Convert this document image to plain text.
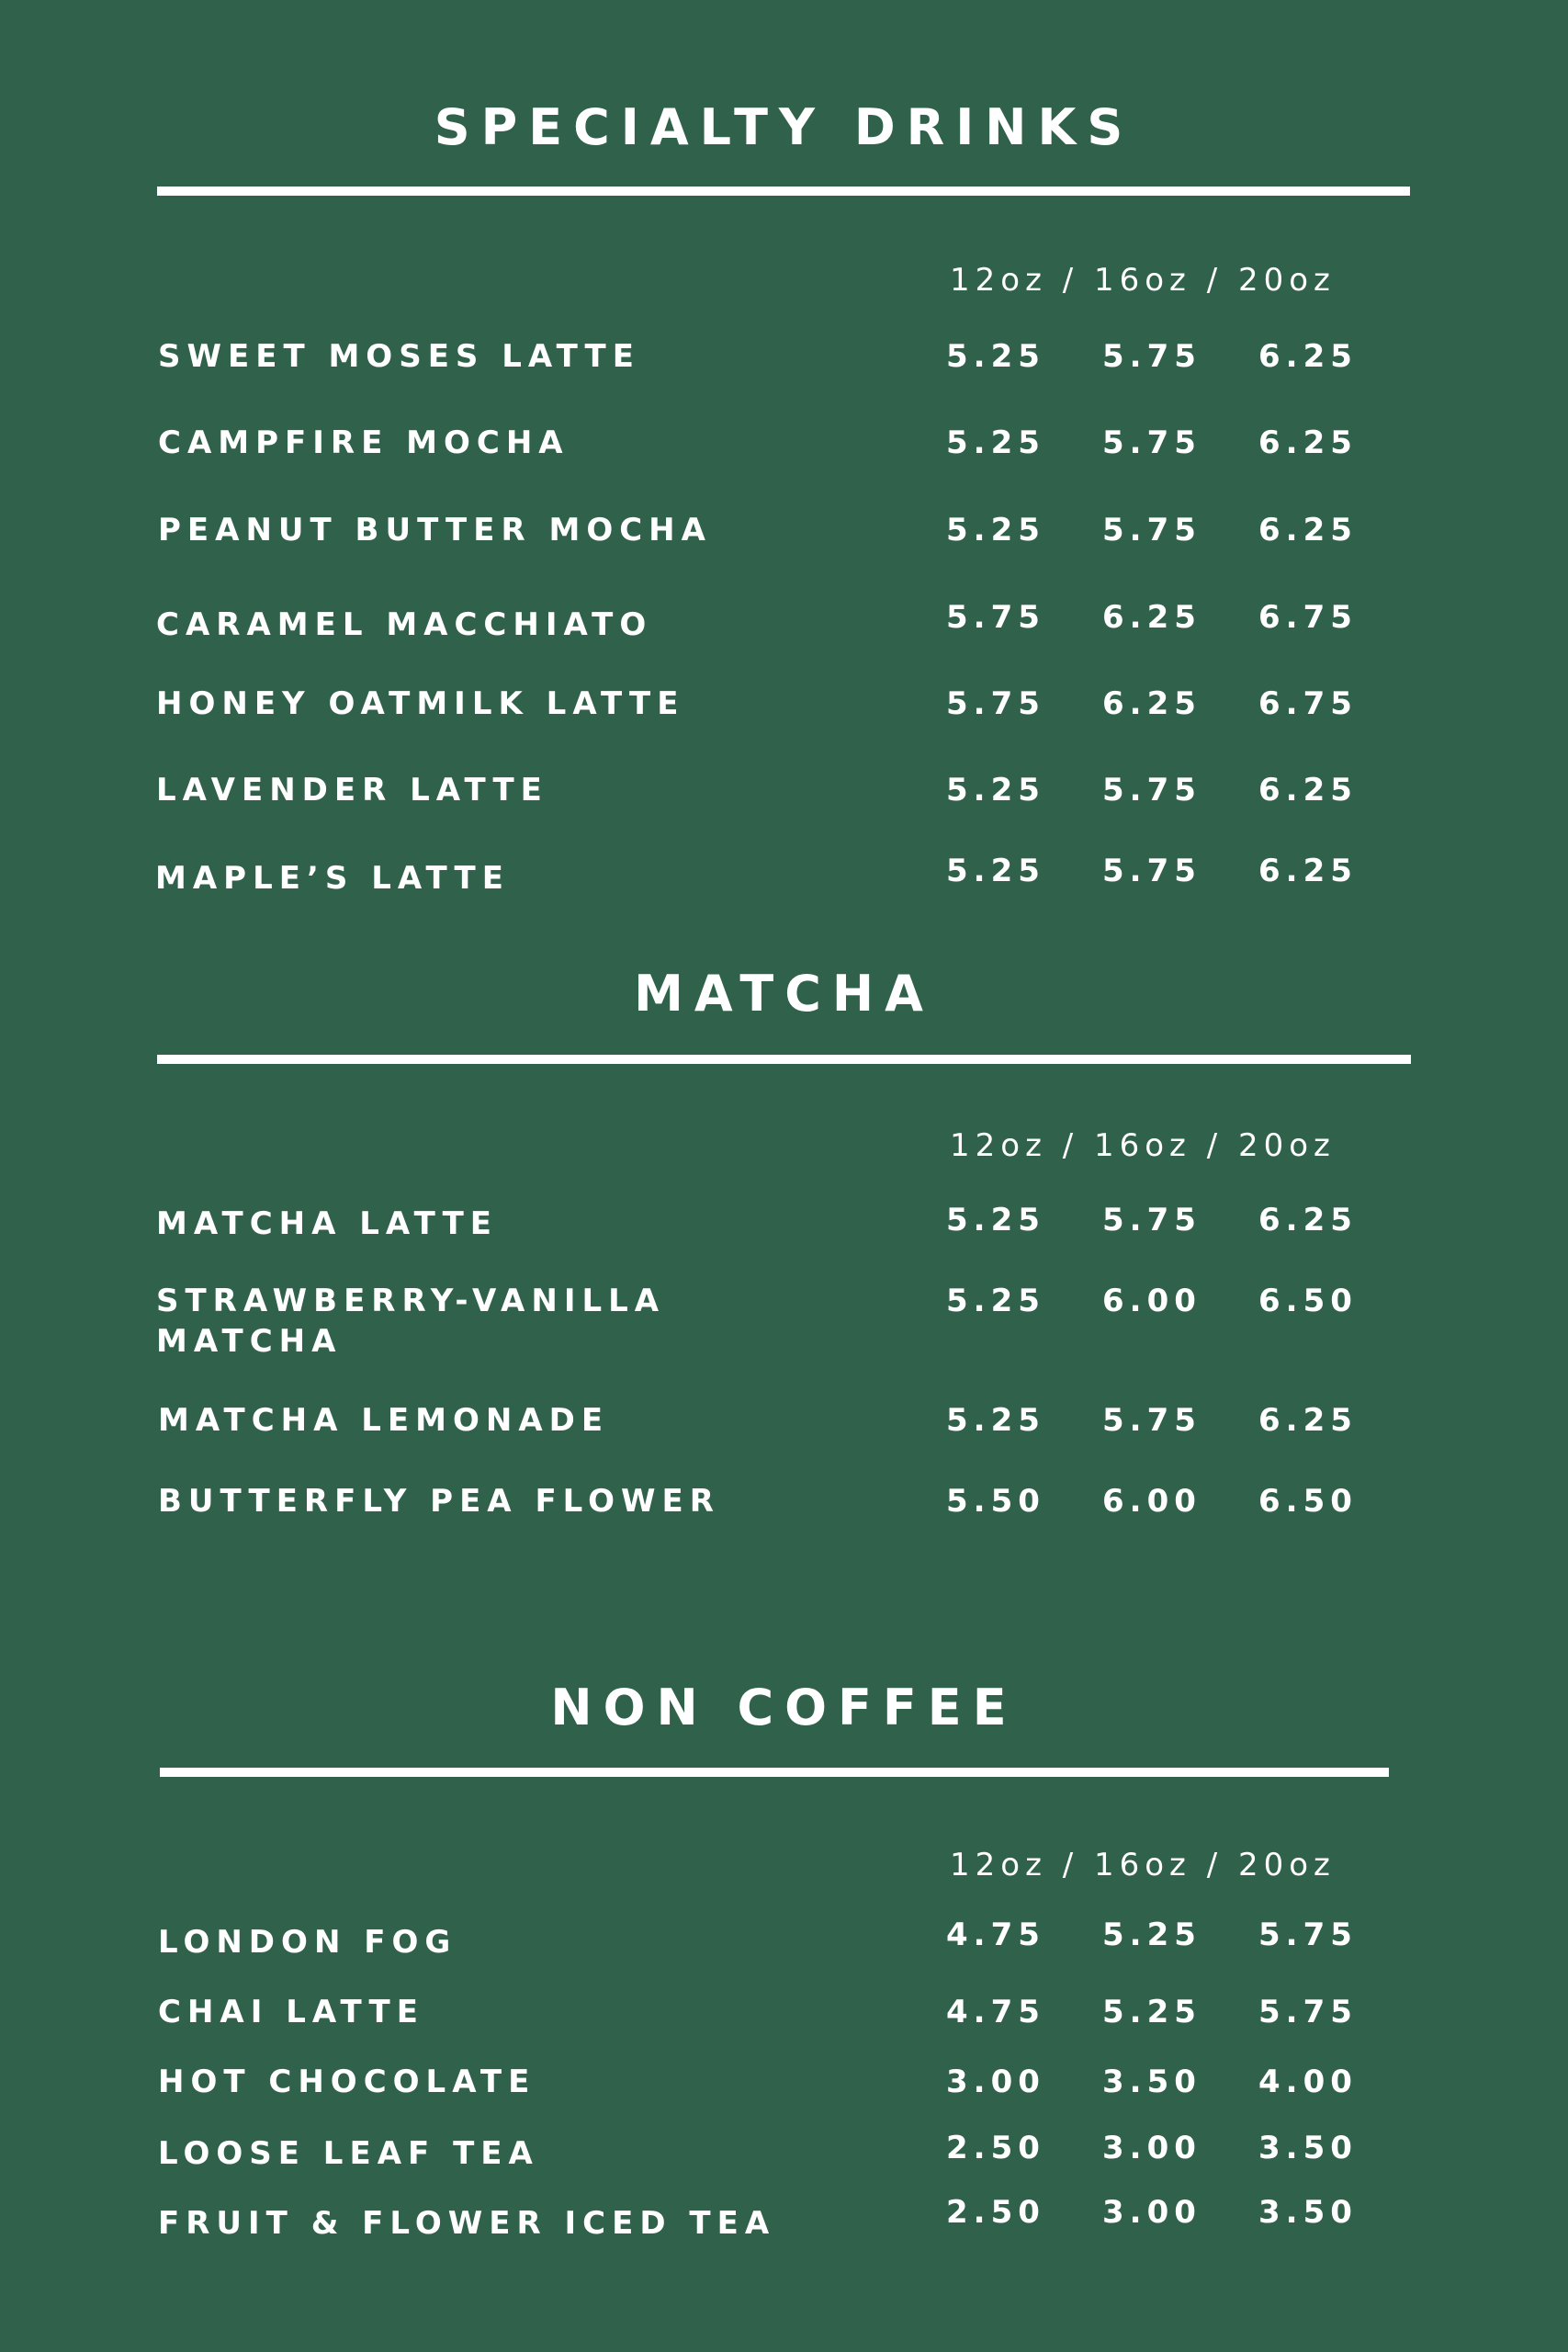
SPECIALTY DRINKS
12oz / 16oz / 20oz
SWEET MOSES LATTE	5.25 5.75 6.25
CAMPFIRE MOCHA	5.25 5.75 6.25
PEANUT BUTTER MOCHA	5.25 5.75 6.25
CARAMEL MACCHIATO	5.75 6.25 6.75
HONEY OATMILK LATTE	5.75 6.25 6.75
LAVENDER LATTE	5.25 5.75 6.25
MAPLE’S LATTE	5.25 5.75 6.25
MATCHA
12oz / 16oz / 20oz
MATCHA LATTE	5.25 5.75 6.25
STRAWBERRY-VANILLA
MATCHA
5.25 6.00 6.50
MATCHA LEMONADE	5.25 5.75 6.25
BUTTERFLY PEA FLOWER	5.50 6.00 6.50
NON COFFEE
12oz / 16oz / 20oz
LONDON FOG	4.75 5.25 5.75
CHAI LATTE	4.75 5.25 5.75
HOT CHOCOLATE	3.00 3.50 4.00
LOOSE LEAF TEA	2.50 3.00 3.50
FRUIT & FLOWER ICED TEA	2.50 3.00 3.50
